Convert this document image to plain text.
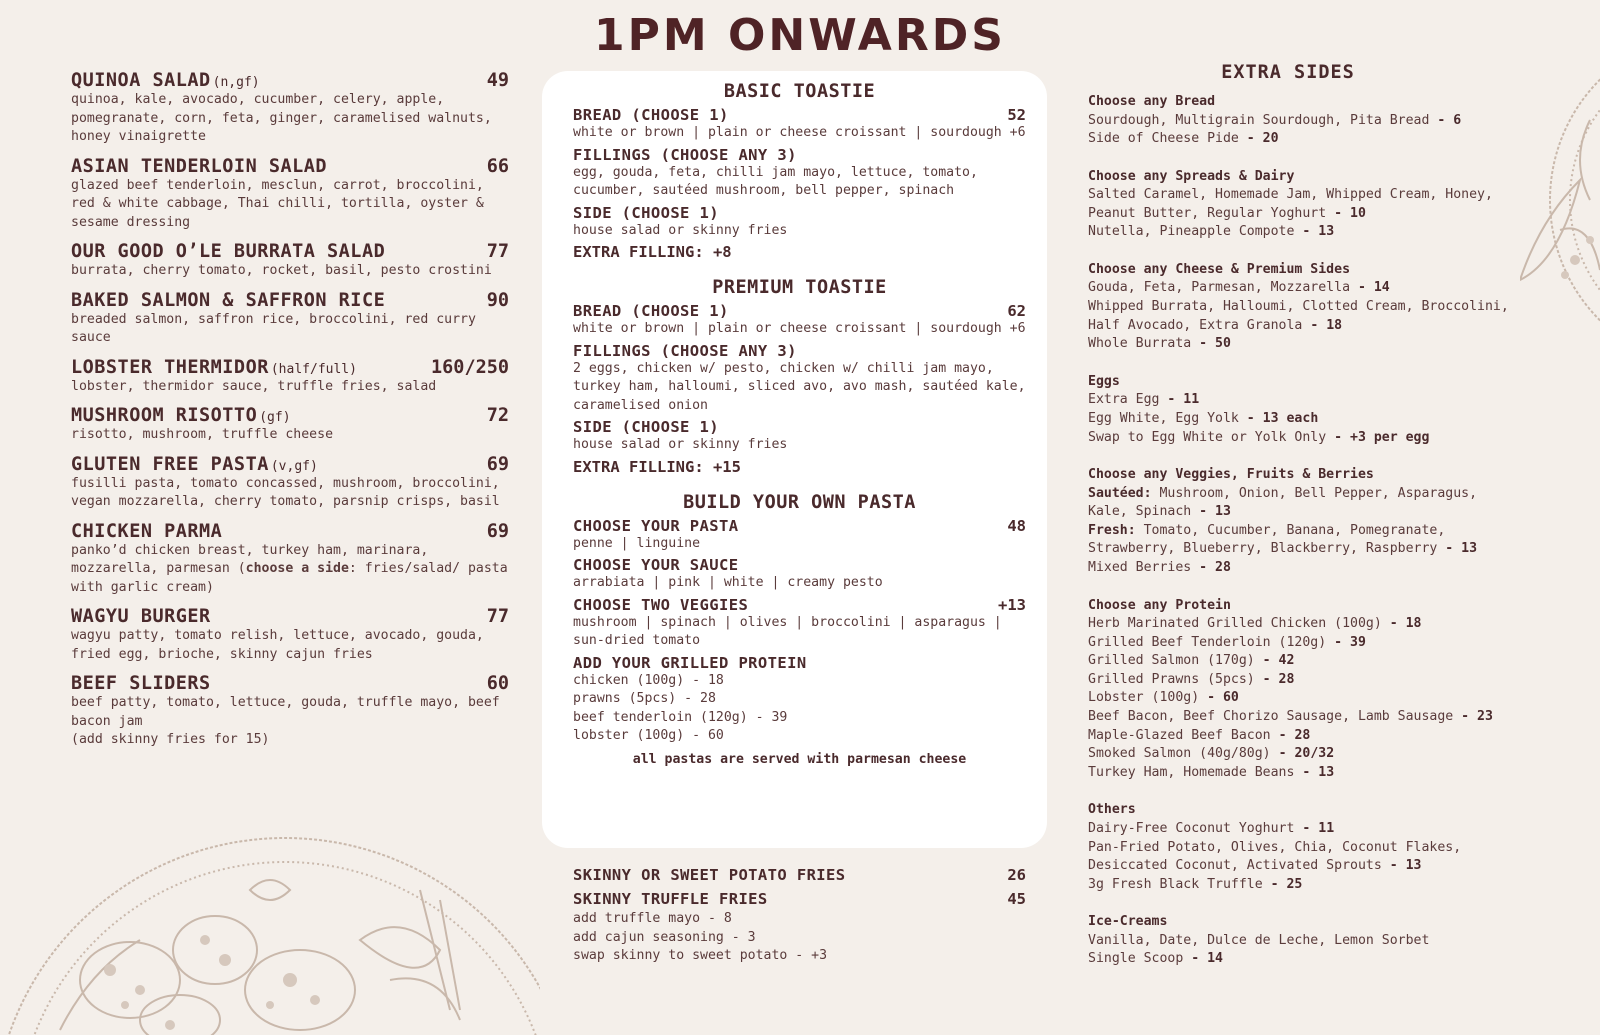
1PM ONWARDS
QUINOA SALAD (n,gf)	49
quinoa, kale, avocado, cucumber, celery, apple, pomegranate, corn, feta, ginger, caramelised walnuts, honey vinaigrette
ASIAN TENDERLOIN SALAD	66
glazed beef tenderloin, mesclun, carrot, broccolini, red & white cabbage, Thai chilli, tortilla, oyster & sesame dressing
OUR GOOD O’LE BURRATA SALAD	77
burrata, cherry tomato, rocket, basil, pesto crostini
BAKED SALMON & SAFFRON RICE	90
breaded salmon, saffron rice, broccolini, red curry sauce
LOBSTER THERMIDOR (half/full)	160/250
lobster, thermidor sauce, truffle fries, salad
MUSHROOM RISOTTO (gf)	72
risotto, mushroom, truffle cheese
GLUTEN FREE PASTA (v,gf)	69
fusilli pasta, tomato concassed, mushroom, broccolini, vegan mozzarella, cherry tomato, parsnip crisps, basil
CHICKEN PARMA	69
panko’d chicken breast, turkey ham, marinara, mozzarella, parmesan (choose a side: fries/salad/ pasta with garlic cream)
WAGYU BURGER	77
wagyu patty, tomato relish, lettuce, avocado, gouda, fried egg, brioche, skinny cajun fries
BEEF SLIDERS	60
beef patty, tomato, lettuce, gouda, truffle mayo, beef bacon jam
(add skinny fries for 15)
BASIC TOASTIE
BREAD (CHOOSE 1)	52
white or brown | plain or cheese croissant | sourdough +6
FILLINGS (CHOOSE ANY 3)
egg, gouda, feta, chilli jam mayo, lettuce, tomato, cucumber, sautéed mushroom, bell pepper, spinach
SIDE (CHOOSE 1)
house salad or skinny fries
EXTRA FILLING: +8
PREMIUM TOASTIE
BREAD (CHOOSE 1)	62
white or brown | plain or cheese croissant | sourdough +6
FILLINGS (CHOOSE ANY 3)
2 eggs, chicken w/ pesto, chicken w/ chilli jam mayo, turkey ham, halloumi, sliced avo, avo mash, sautéed kale, caramelised onion
SIDE (CHOOSE 1)
house salad or skinny fries
EXTRA FILLING: +15
BUILD YOUR OWN PASTA
CHOOSE YOUR PASTA	48
penne | linguine
CHOOSE YOUR SAUCE
arrabiata | pink | white | creamy pesto
CHOOSE TWO VEGGIES	+13
mushroom | spinach | olives | broccolini | asparagus | sun-dried tomato
ADD YOUR GRILLED PROTEIN
chicken (100g) - 18
prawns (5pcs) - 28
beef tenderloin (120g) - 39
lobster (100g) - 60
all pastas are served with parmesan cheese
SKINNY OR SWEET POTATO FRIES	26
SKINNY TRUFFLE FRIES	45
add truffle mayo - 8
add cajun seasoning - 3
swap skinny to sweet potato - +3
EXTRA SIDES
Choose any Bread
Sourdough, Multigrain Sourdough, Pita Bread - 6
Side of Cheese Pide - 20
Choose any Spreads & Dairy
Salted Caramel, Homemade Jam, Whipped Cream, Honey,
Peanut Butter, Regular Yoghurt - 10
Nutella, Pineapple Compote - 13
Choose any Cheese & Premium Sides
Gouda, Feta, Parmesan, Mozzarella - 14
Whipped Burrata, Halloumi, Clotted Cream, Broccolini,
Half Avocado, Extra Granola - 18
Whole Burrata - 50
Eggs
Extra Egg - 11
Egg White, Egg Yolk - 13 each
Swap to Egg White or Yolk Only - +3 per egg
Choose any Veggies, Fruits & Berries
Sautéed: Mushroom, Onion, Bell Pepper, Asparagus,
Kale, Spinach - 13
Fresh: Tomato, Cucumber, Banana, Pomegranate,
Strawberry, Blueberry, Blackberry, Raspberry - 13
Mixed Berries - 28
Choose any Protein
Herb Marinated Grilled Chicken (100g) - 18
Grilled Beef Tenderloin (120g) - 39
Grilled Salmon (170g) - 42
Grilled Prawns (5pcs) - 28
Lobster (100g) - 60
Beef Bacon, Beef Chorizo Sausage, Lamb Sausage - 23
Maple-Glazed Beef Bacon - 28
Smoked Salmon (40g/80g) - 20/32
Turkey Ham, Homemade Beans - 13
Others
Dairy-Free Coconut Yoghurt - 11
Pan-Fried Potato, Olives, Chia, Coconut Flakes,
Desiccated Coconut, Activated Sprouts - 13
3g Fresh Black Truffle - 25
Ice-Creams
Vanilla, Date, Dulce de Leche, Lemon Sorbet
Single Scoop - 14
